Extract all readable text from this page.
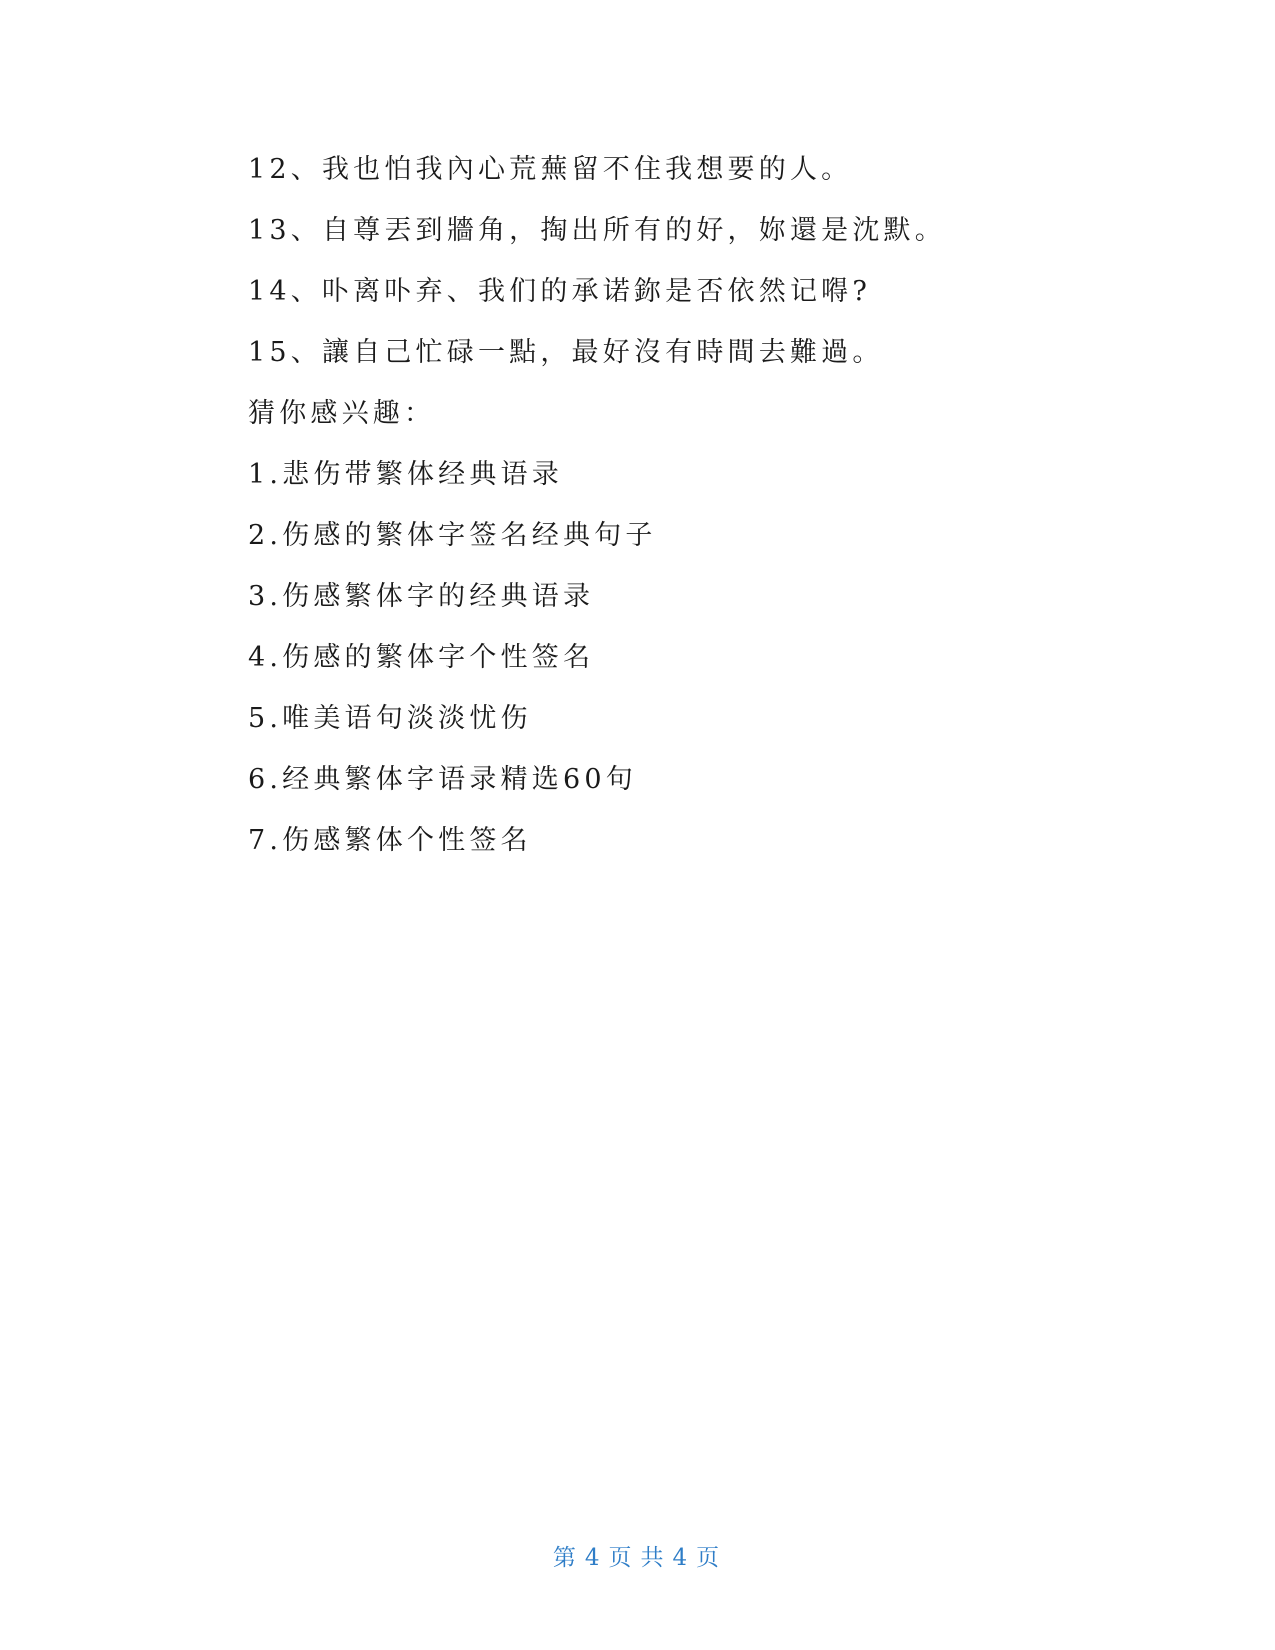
12、我也怕我內心荒蕪留不住我想要的人。
13、自尊丟到牆角，掏出所有的好，妳還是沈默。
14、卟离卟弃、我们的承诺鉨是否依然记嘚?
15、讓自己忙碌一點，最好沒有時間去難過。
猜你感兴趣：
1.悲伤带繁体经典语录
2.伤感的繁体字签名经典句子
3.伤感繁体字的经典语录
4.伤感的繁体字个性签名
5.唯美语句淡淡忧伤
6.经典繁体字语录精选60句
7.伤感繁体个性签名
第 4 页 共 4 页
